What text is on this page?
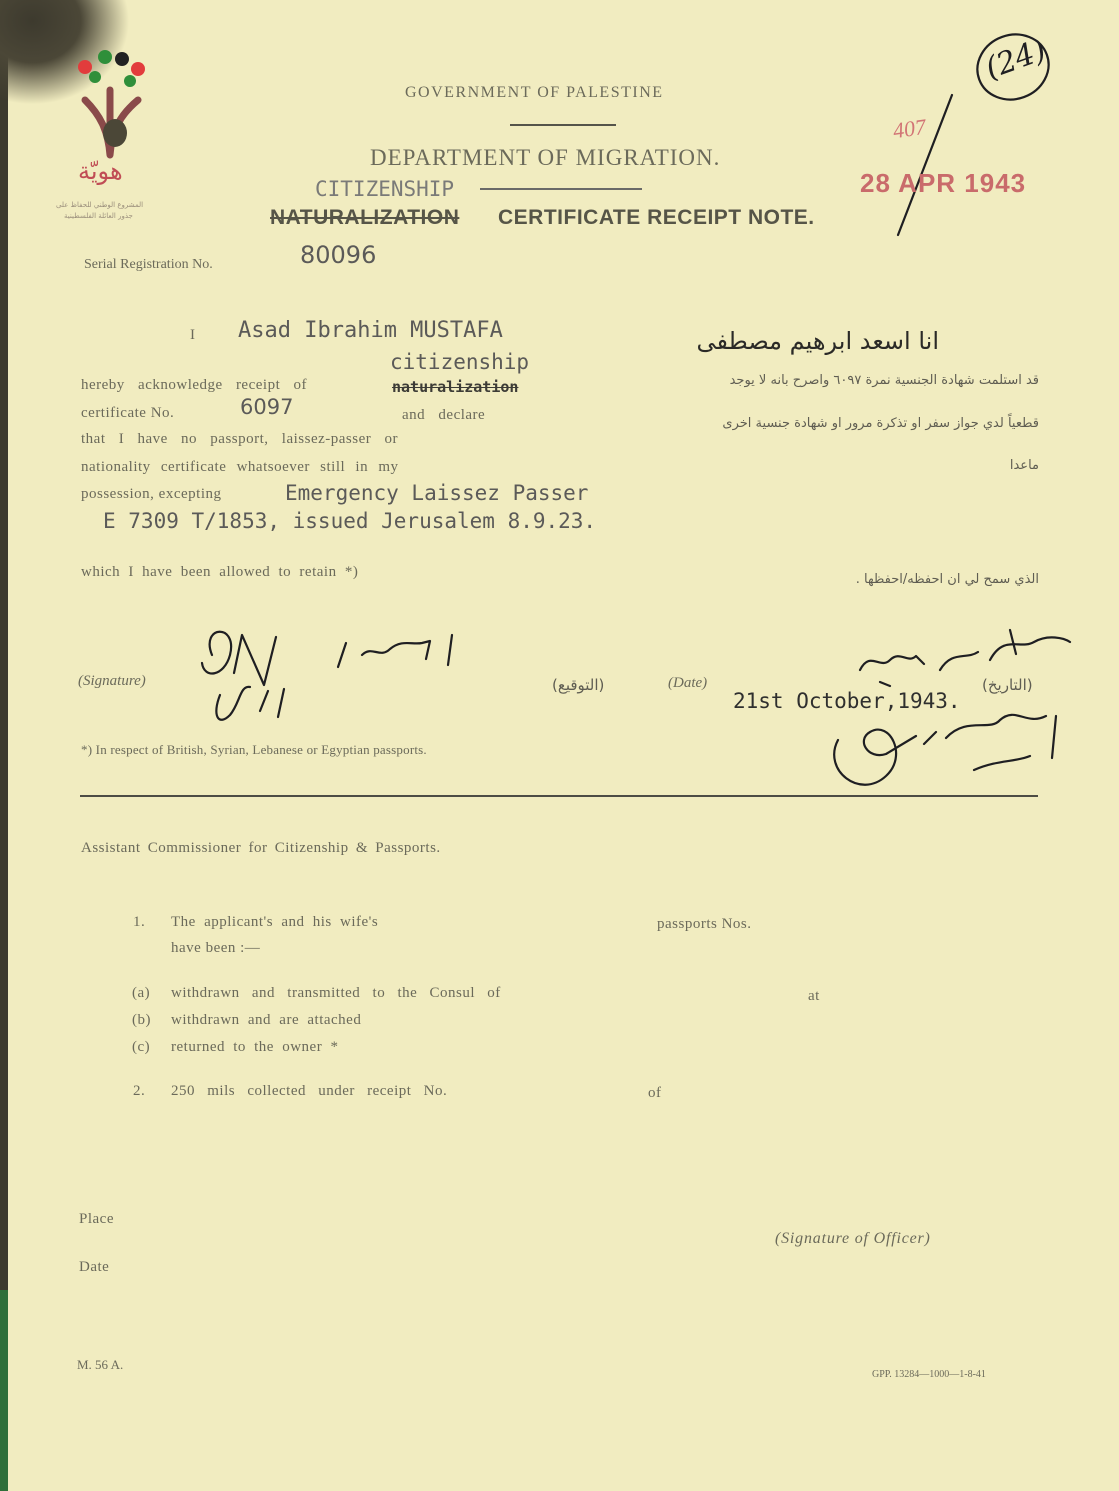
هويّة
المشروع الوطني للحفاظ على
جذور العائلة الفلسطينية
(24)
407
28 APR 1943
GOVERNMENT OF PALESTINE
DEPARTMENT OF MIGRATION.
CITIZENSHIP
NATURALIZATION CERTIFICATE RECEIPT NOTE.
Serial Registration No.	80096
I Asad Ibrahim MUSTAFA
citizenship
hereby acknowledge receipt of	naturalization
certificate No.	6097	and declare
that I have no passport, laissez-passer or
nationality certificate whatsoever still in my
possession, excepting	Emergency Laissez Passer
E 7309 T/1853, issued Jerusalem 8.9.23.
which I have been allowed to retain *)
انا اسعد ابرهيم مصطفى
قد استلمت شهادة الجنسية نمرة ٦٠٩٧ واصرح بانه لا يوجد
قطعياً لدي جواز سفر او تذكرة مرور او شهادة جنسية اخرى
ماعدا
الذي سمح لي ان احفظه/احفظها .
(Signature)	(التوقيع)	(Date)
21st October,1943.
(التاريخ)
*) In respect of British, Syrian, Lebanese or Egyptian passports.
Assistant Commissioner for Citizenship & Passports.
1. The applicant's and his wife's	passports Nos.
have been :—
(a) withdrawn and transmitted to the Consul of	at
(b) withdrawn and are attached
(c) returned to the owner *
2. 250 mils collected under receipt No.	of
Place
Date
(Signature of Officer)
M. 56 A.
GPP. 13284—1000—1-8-41
